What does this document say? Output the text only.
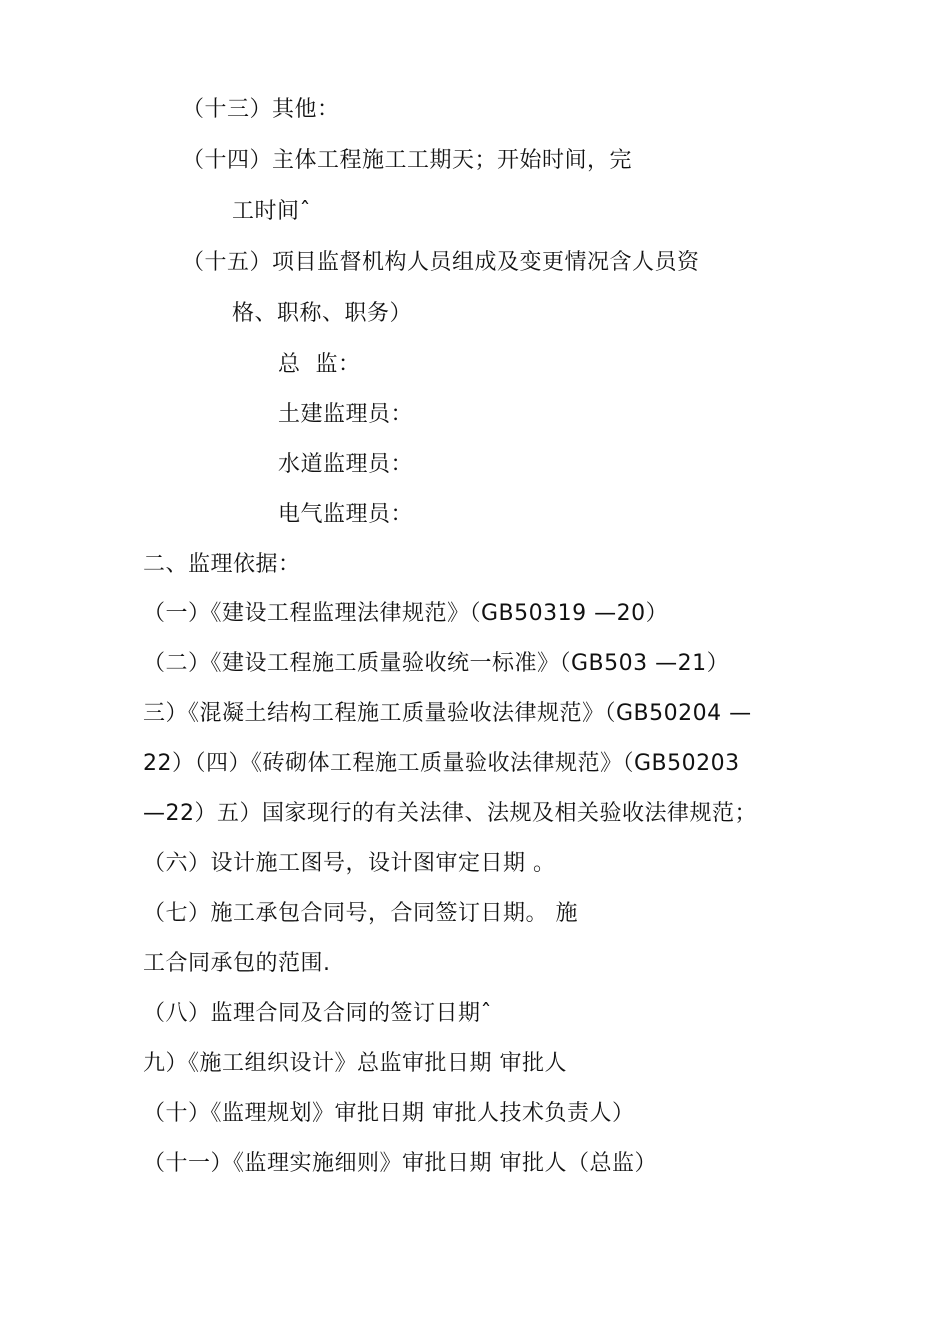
（十三）其他：
（十四）主体工程施工工期天；开始时间，完
工时间ˆ
（十五）项目监督机构人员组成及变更情况含人员资
格、职称、职务）
总  监：
土建监理员：
水道监理员：
电气监理员：
二、监理依据：
（一）《建设工程监理法律规范》（GB50319 —20）
（二）《建设工程施工质量验收统一标准》（GB503 —21）
三）《混凝土结构工程施工质量验收法律规范》（GB50204 —
22）（四）《砖砌体工程施工质量验收法律规范》（GB50203
—22）五）国家现行的有关法律、法规及相关验收法律规范；
（六）设计施工图号，设计图审定日期 。
（七）施工承包合同号，合同签订日期。 施
工合同承包的范围.
（八）监理合同及合同的签订日期ˆ
九）《施工组织设计》总监审批日期 审批人
（十）《监理规划》审批日期 审批人技术负责人）
（十一）《监理实施细则》审批日期 审批人（总监）
